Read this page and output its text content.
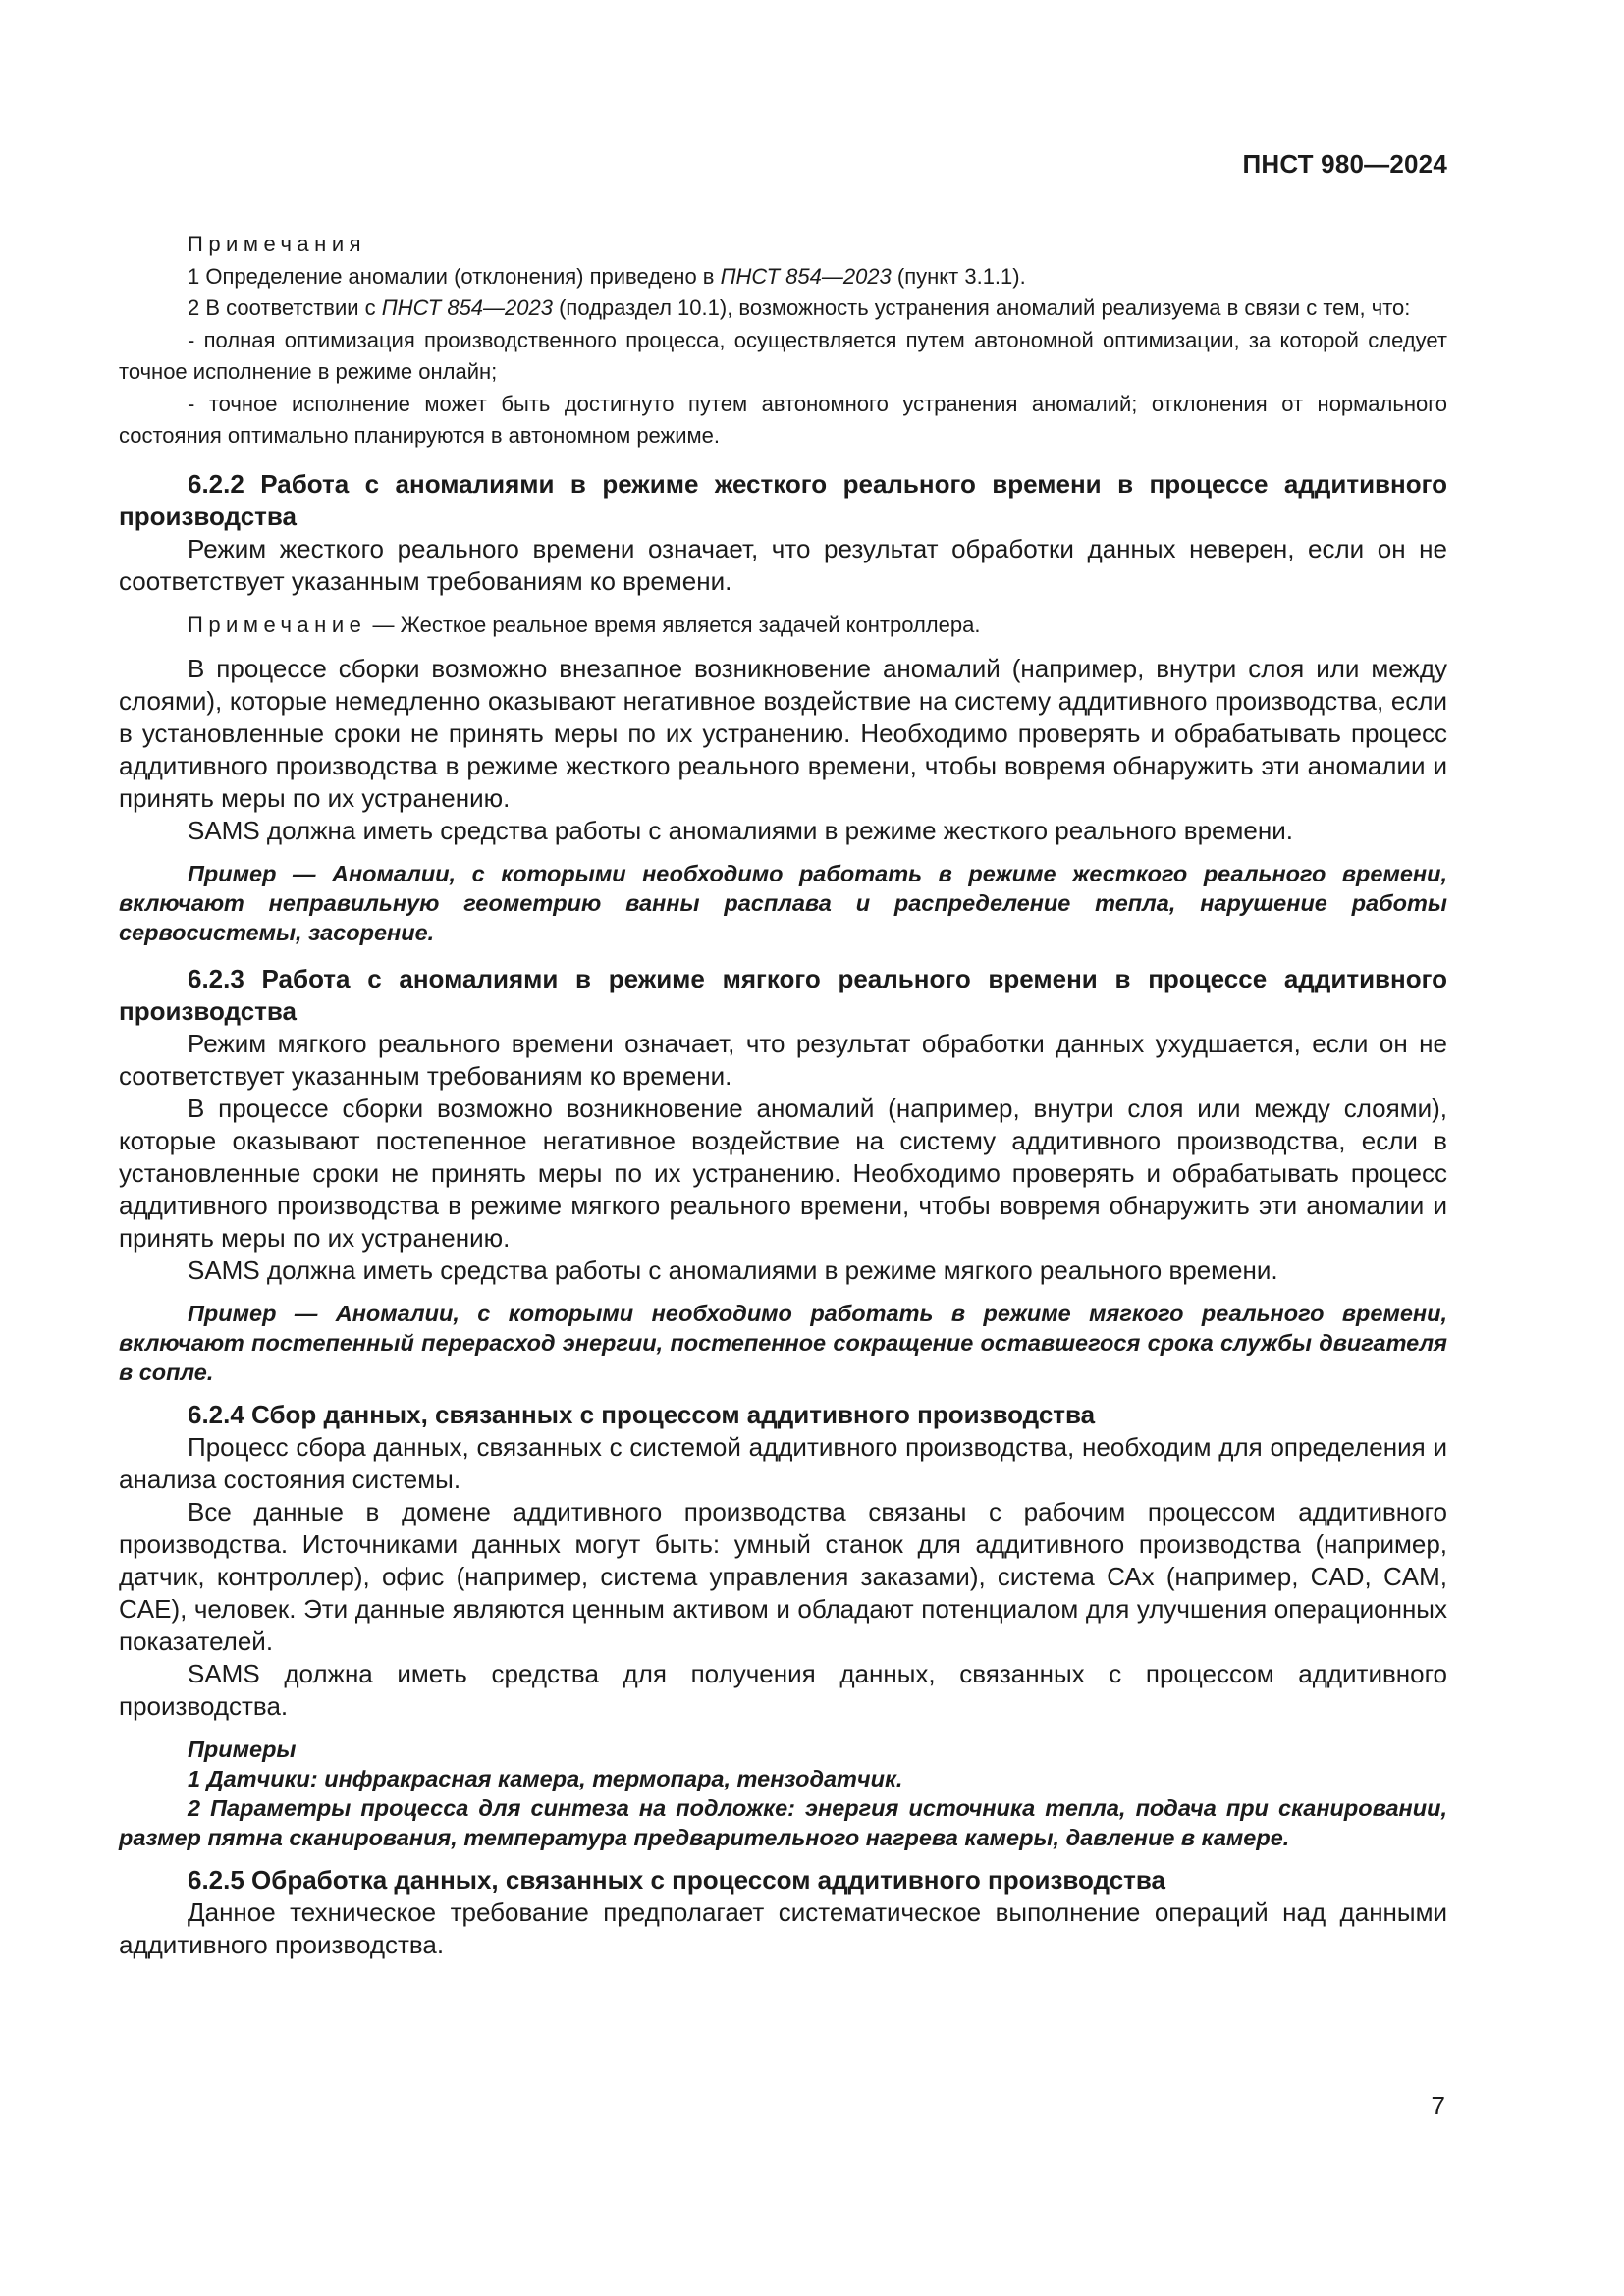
ПНСТ 980—2024

Примечания

1 Определение аномалии (отклонения) приведено в ПНСТ 854—2023 (пункт 3.1.1).

2 В соответствии с ПНСТ 854—2023 (подраздел 10.1), возможность устранения аномалий реализуема в связи с тем, что:

- полная оптимизация производственного процесса, осуществляется путем автономной оптимизации, за которой следует точное исполнение в режиме онлайн;

- точное исполнение может быть достигнуто путем автономного устранения аномалий; отклонения от нормального состояния оптимально планируются в автономном режиме.

6.2.2 Работа с аномалиями в режиме жесткого реального времени в процессе аддитивного производства

Режим жесткого реального времени означает, что результат обработки данных неверен, если он не соответствует указанным требованиям ко времени.

Примечание — Жесткое реальное время является задачей контроллера.

В процессе сборки возможно внезапное возникновение аномалий (например, внутри слоя или между слоями), которые немедленно оказывают негативное воздействие на систему аддитивного производства, если в установленные сроки не принять меры по их устранению. Необходимо проверять и обрабатывать процесс аддитивного производства в режиме жесткого реального времени, чтобы вовремя обнаружить эти аномалии и принять меры по их устранению.

SAMS должна иметь средства работы с аномалиями в режиме жесткого реального времени.

Пример — Аномалии, с которыми необходимо работать в режиме жесткого реального времени, включают неправильную геометрию ванны расплава и распределение тепла, нарушение работы сервосистемы, засорение.

6.2.3 Работа с аномалиями в режиме мягкого реального времени в процессе аддитивного производства

Режим мягкого реального времени означает, что результат обработки данных ухудшается, если он не соответствует указанным требованиям ко времени.

В процессе сборки возможно возникновение аномалий (например, внутри слоя или между слоями), которые оказывают постепенное негативное воздействие на систему аддитивного производства, если в установленные сроки не принять меры по их устранению. Необходимо проверять и обрабатывать процесс аддитивного производства в режиме мягкого реального времени, чтобы вовремя обнаружить эти аномалии и принять меры по их устранению.

SAMS должна иметь средства работы с аномалиями в режиме мягкого реального времени.

Пример — Аномалии, с которыми необходимо работать в режиме мягкого реального времени, включают постепенный перерасход энергии, постепенное сокращение оставшегося срока службы двигателя в сопле.

6.2.4 Сбор данных, связанных с процессом аддитивного производства

Процесс сбора данных, связанных с системой аддитивного производства, необходим для определения и анализа состояния системы.

Все данные в домене аддитивного производства связаны с рабочим процессом аддитивного производства. Источниками данных могут быть: умный станок для аддитивного производства (например, датчик, контроллер), офис (например, система управления заказами), система САх (например, CAD, CAM, CAE), человек. Эти данные являются ценным активом и обладают потенциалом для улучшения операционных показателей.

SAMS должна иметь средства для получения данных, связанных с процессом аддитивного производства.

Примеры

1 Датчики: инфракрасная камера, термопара, тензодатчик.

2 Параметры процесса для синтеза на подложке: энергия источника тепла, подача при сканировании, размер пятна сканирования, температура предварительного нагрева камеры, давление в камере.

6.2.5 Обработка данных, связанных с процессом аддитивного производства

Данное техническое требование предполагает систематическое выполнение операций над данными аддитивного производства.

7
